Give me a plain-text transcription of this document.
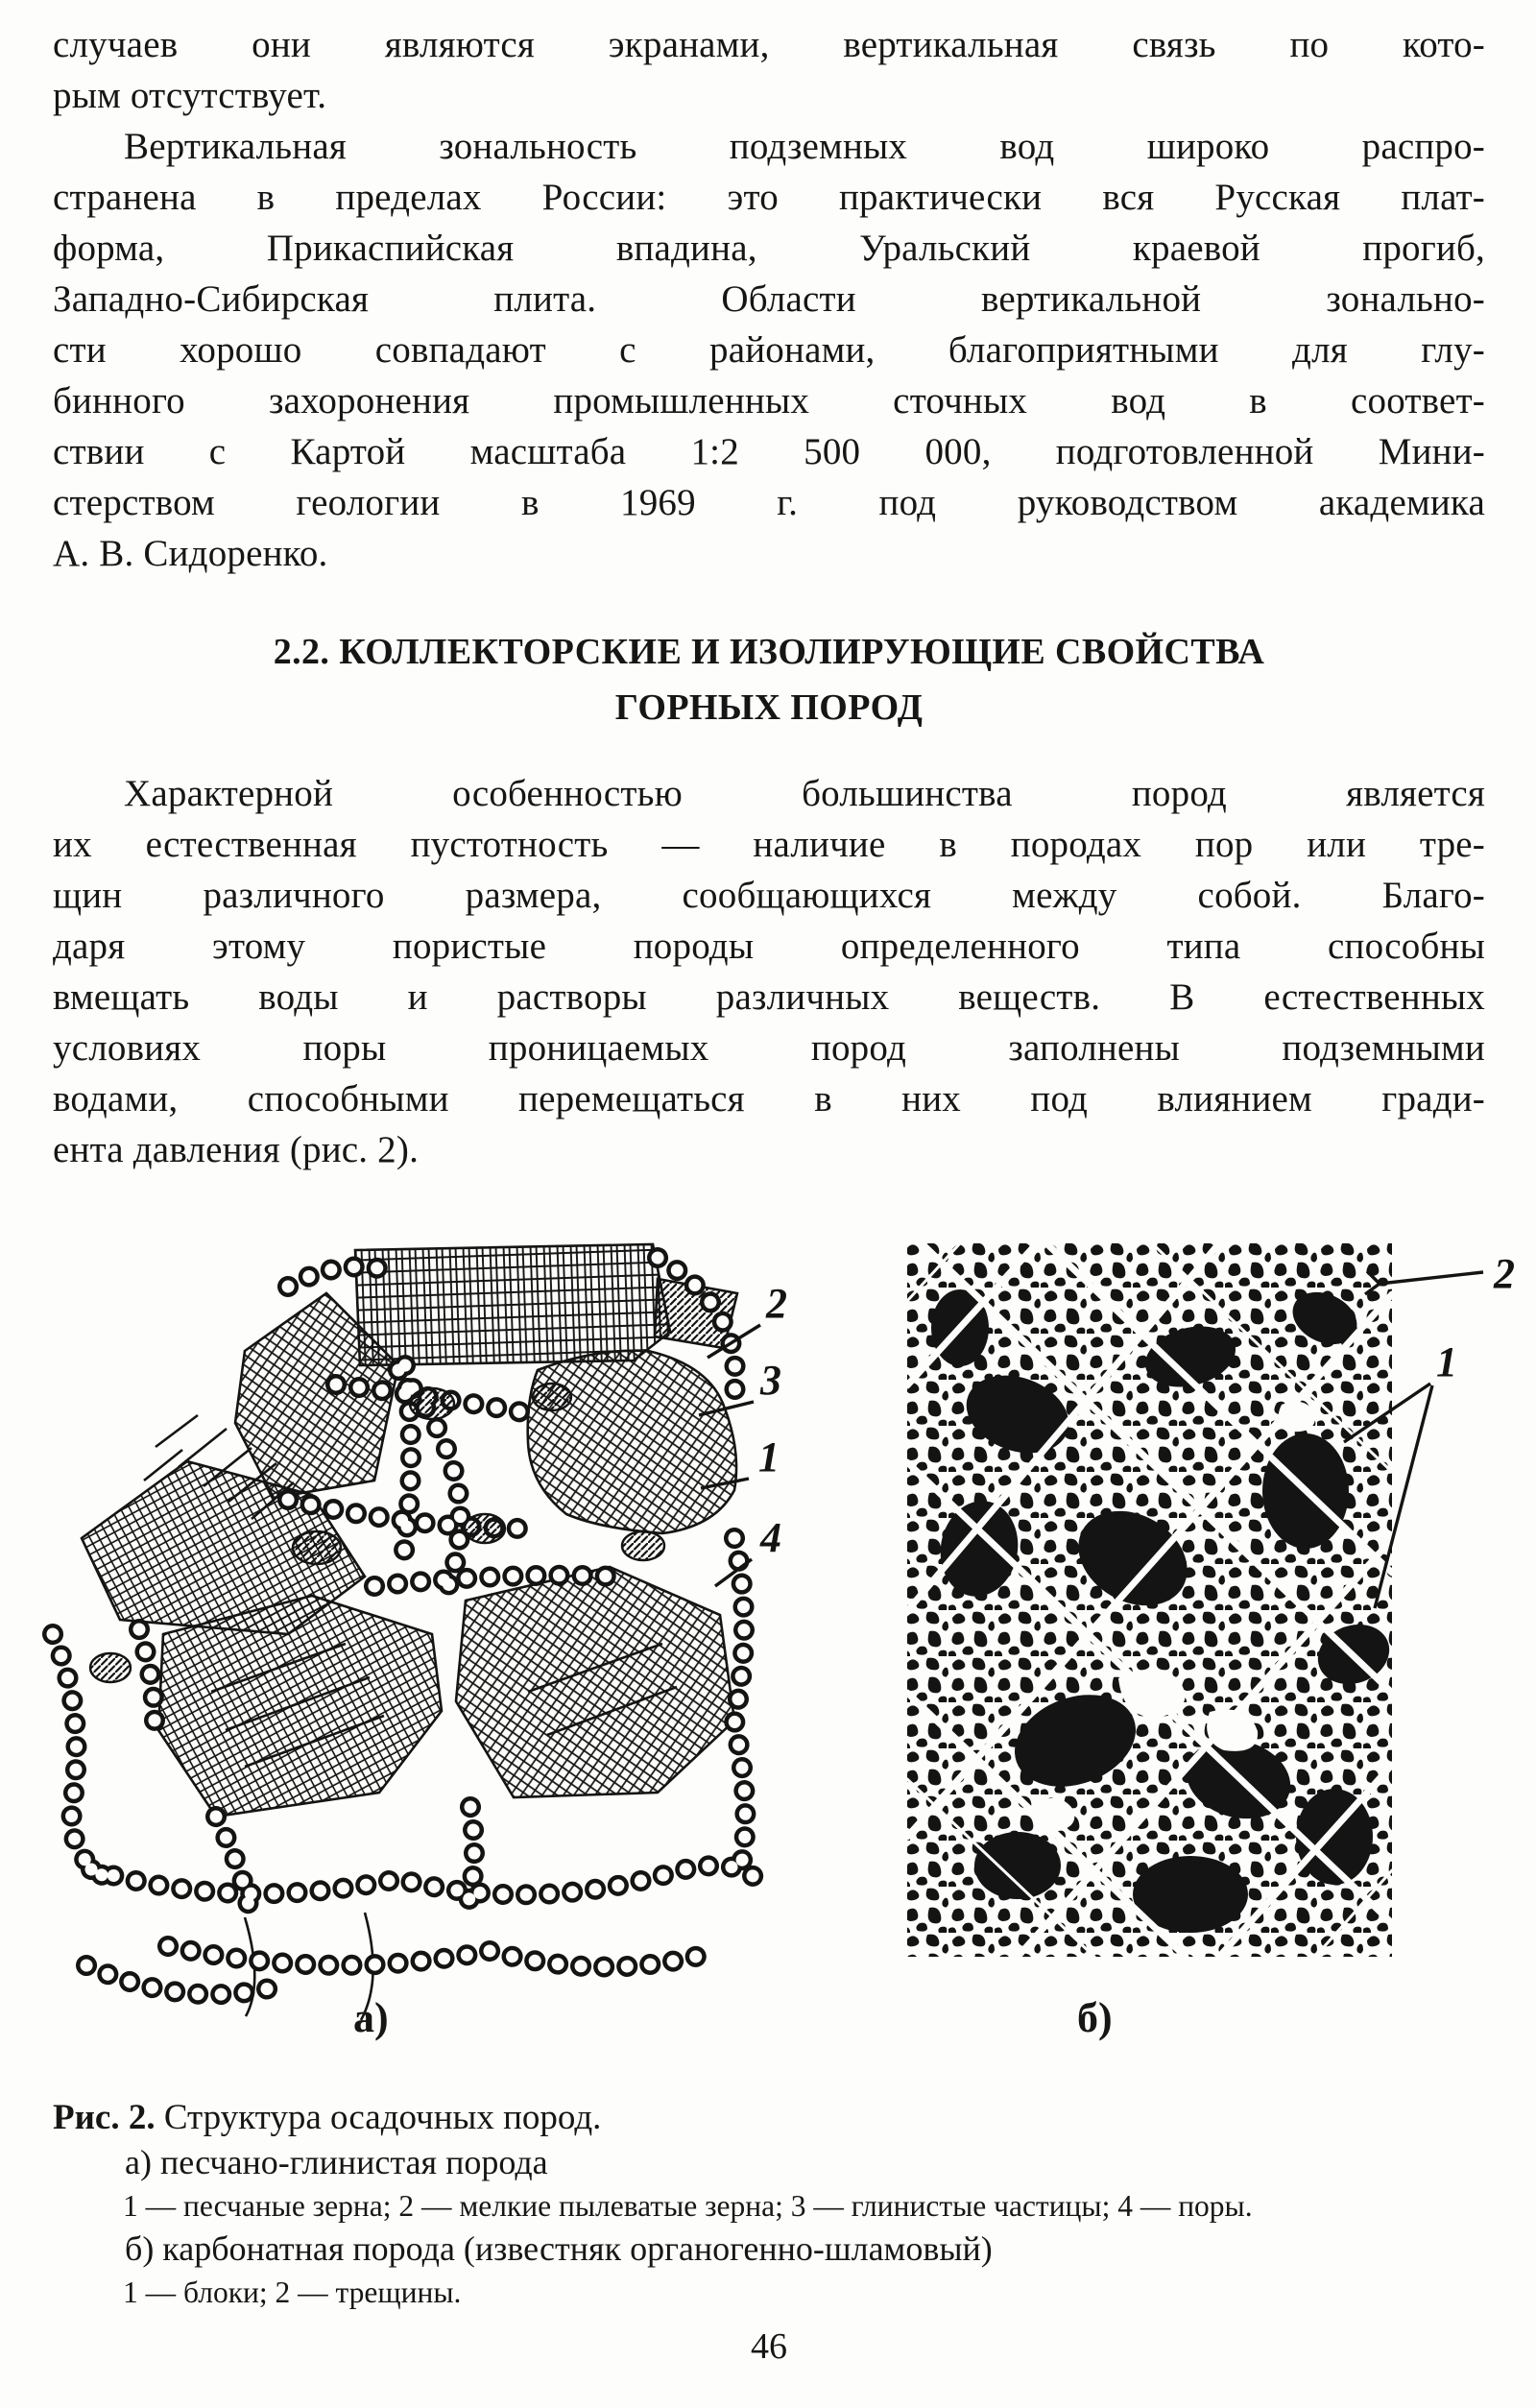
случаев они являются экранами, вертикальная связь по кото-
рым отсутствует.
Вертикальная зональность подземных вод широко распро-
странена в пределах России: это практически вся Русская плат-
форма, Прикаспийская впадина, Уральский краевой прогиб,
Западно-Сибирская плита. Области вертикальной зонально-
сти хорошо совпадают с районами, благоприятными для глу-
бинного захоронения промышленных сточных вод в соответ-
ствии с Картой масштаба 1:2 500 000, подготовленной Мини-
стерством геологии в 1969 г. под руководством академика
А. В. Сидоренко.
2.2. КОЛЛЕКТОРСКИЕ И ИЗОЛИРУЮЩИЕ СВОЙСТВА
ГОРНЫХ ПОРОД
Характерной особенностью большинства пород является
их естественная пустотность — наличие в породах пор или тре-
щин различного размера, сообщающихся между собой. Благо-
даря этому пористые породы определенного типа способны
вмещать воды и растворы различных веществ. В естественных
условиях поры проницаемых пород заполнены подземными
водами, способными перемещаться в них под влиянием гради-
ента давления (рис. 2).
2
3
1
4
2
1
а)	б)
Рис. 2. Структура осадочных пород.
а) песчано-глинистая порода
1 — песчаные зерна; 2 — мелкие пылеватые зерна; 3 — глинистые частицы; 4 — поры.
б) карбонатная порода (известняк органогенно-шламовый)
1 — блоки; 2 — трещины.
46
